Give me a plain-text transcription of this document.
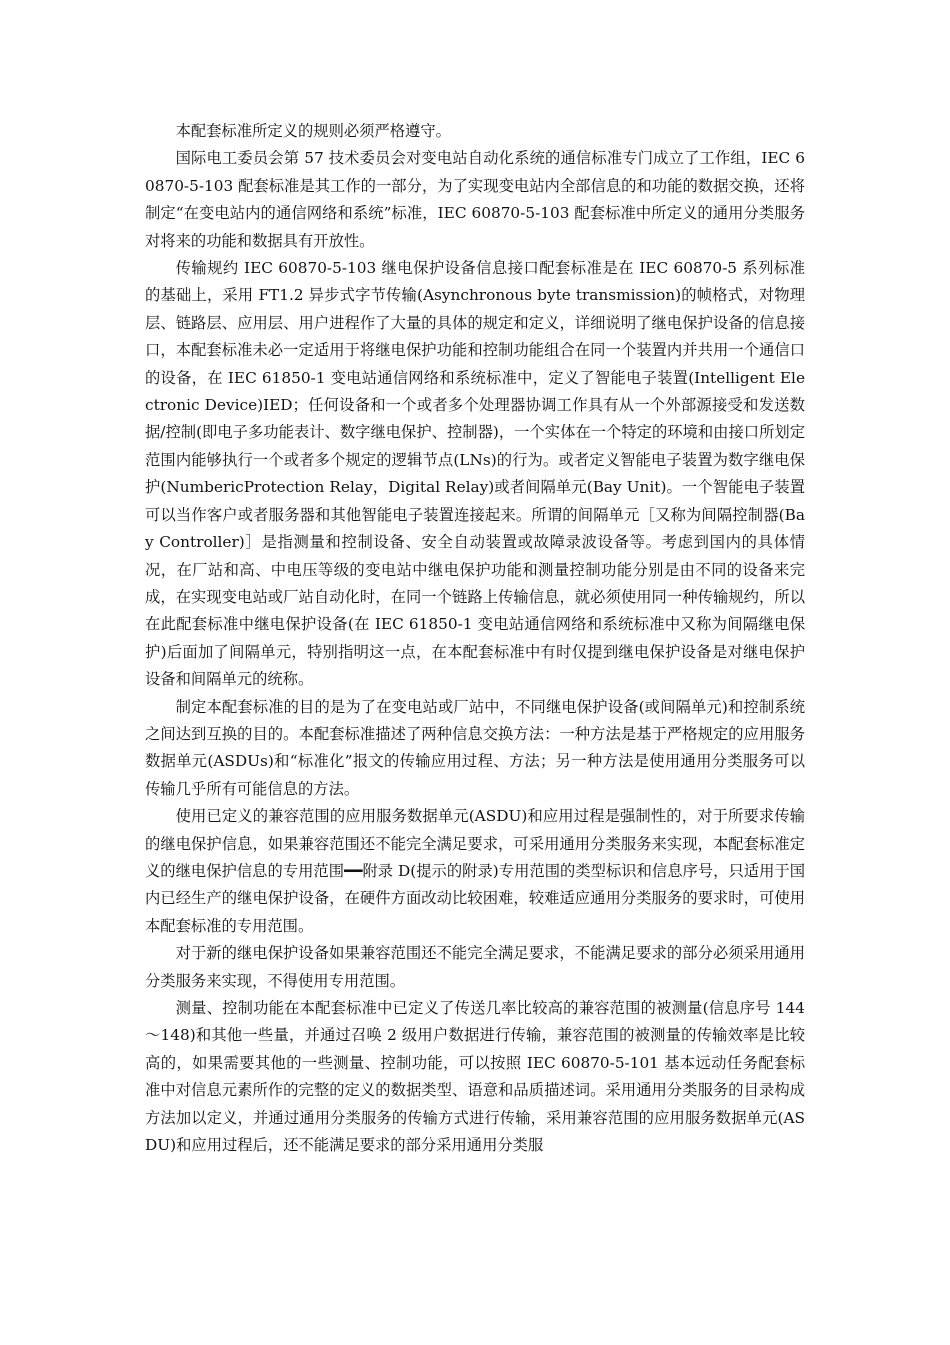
本配套标准所定义的规则必须严格遵守。

国际电工委员会第 57 技术委员会对变电站自动化系统的通信标准专门成立了工作组，IEC 60870-5-103 配套标准是其工作的一部分，为了实现变电站内全部信息的和功能的数据交换，还将制定“在变电站内的通信网络和系统”标准，IEC 60870-5-103 配套标准中所定义的通用分类服务对将来的功能和数据具有开放性。

传输规约 IEC 60870-5-103 继电保护设备信息接口配套标准是在 IEC 60870-5 系列标准的基础上，采用 FT1.2 异步式字节传输(Asynchronous byte transmission)的帧格式，对物理层、链路层、应用层、用户进程作了大量的具体的规定和定义，详细说明了继电保护设备的信息接口，本配套标准未必一定适用于将继电保护功能和控制功能组合在同一个装置内并共用一个通信口的设备，在 IEC 61850-1 变电站通信网络和系统标准中，定义了智能电子装置(Intelligent Electronic Device)IED；任何设备和一个或者多个处理器协调工作具有从一个外部源接受和发送数据/控制(即电子多功能表计、数字继电保护、控制器)，一个实体在一个特定的环境和由接口所划定范围内能够执行一个或者多个规定的逻辑节点(LNs)的行为。或者定义智能电子装置为数字继电保护(NumbericProtection Relay，Digital Relay)或者间隔单元(Bay Unit)。一个智能电子装置可以当作客户或者服务器和其他智能电子装置连接起来。所谓的间隔单元［又称为间隔控制器(Bay Controller)］是指测量和控制设备、安全自动装置或故障录波设备等。考虑到国内的具体情况，在厂站和高、中电压等级的变电站中继电保护功能和测量控制功能分别是由不同的设备来完成，在实现变电站或厂站自动化时，在同一个链路上传输信息，就必须使用同一种传输规约，所以在此配套标准中继电保护设备(在 IEC 61850-1 变电站通信网络和系统标准中又称为间隔继电保护)后面加了间隔单元，特别指明这一点，在本配套标准中有时仅提到继电保护设备是对继电保护设备和间隔单元的统称。

制定本配套标准的目的是为了在变电站或厂站中，不同继电保护设备(或间隔单元)和控制系统之间达到互换的目的。本配套标准描述了两种信息交换方法：一种方法是基于严格规定的应用服务数据单元(ASDUs)和“标准化”报文的传输应用过程、方法；另一种方法是使用通用分类服务可以传输几乎所有可能信息的方法。

使用已定义的兼容范围的应用服务数据单元(ASDU)和应用过程是强制性的，对于所要求传输的继电保护信息，如果兼容范围还不能完全满足要求，可采用通用分类服务来实现，本配套标准定义的继电保护信息的专用范围━━附录 D(提示的附录)专用范围的类型标识和信息序号，只适用于国内已经生产的继电保护设备，在硬件方面改动比较困难，较难适应通用分类服务的要求时，可使用本配套标准的专用范围。

对于新的继电保护设备如果兼容范围还不能完全满足要求，不能满足要求的部分必须采用通用分类服务来实现，不得使用专用范围。

测量、控制功能在本配套标准中已定义了传送几率比较高的兼容范围的被测量(信息序号 144～148)和其他一些量，并通过召唤 2 级用户数据进行传输，兼容范围的被测量的传输效率是比较高的，如果需要其他的一些测量、控制功能，可以按照 IEC 60870-5-101 基本远动任务配套标准中对信息元素所作的完整的定义的数据类型、语意和品质描述词。采用通用分类服务的目录构成方法加以定义，并通过通用分类服务的传输方式进行传输，采用兼容范围的应用服务数据单元(ASDU)和应用过程后，还不能满足要求的部分采用通用分类服
